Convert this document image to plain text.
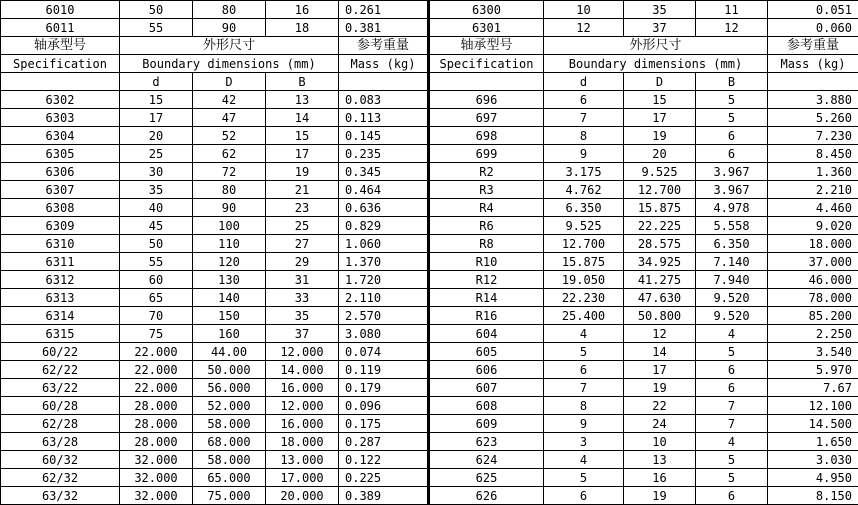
6010	50	80	16	0.261	6300	10	35	11	0.051
6011	55	90	18	0.381	6301	12	37	12	0.060
轴承型号	外形尺寸			参考重量	轴承型号	外形尺寸			参考重量
Specification	Boundary dimensions (mm)			Mass (kg)	Specification	Boundary dimensions (mm)			Mass (kg)
	d	D	B			d	D	B	
6302	15	42	13	0.083	696	6	15	5	3.880
6303	17	47	14	0.113	697	7	17	5	5.260
6304	20	52	15	0.145	698	8	19	6	7.230
6305	25	62	17	0.235	699	9	20	6	8.450
6306	30	72	19	0.345	R2	3.175	9.525	3.967	1.360
6307	35	80	21	0.464	R3	4.762	12.700	3.967	2.210
6308	40	90	23	0.636	R4	6.350	15.875	4.978	4.460
6309	45	100	25	0.829	R6	9.525	22.225	5.558	9.020
6310	50	110	27	1.060	R8	12.700	28.575	6.350	18.000
6311	55	120	29	1.370	R10	15.875	34.925	7.140	37.000
6312	60	130	31	1.720	R12	19.050	41.275	7.940	46.000
6313	65	140	33	2.110	R14	22.230	47.630	9.520	78.000
6314	70	150	35	2.570	R16	25.400	50.800	9.520	85.200
6315	75	160	37	3.080	604	4	12	4	2.250
60/22	22.000	44.00	12.000	0.074	605	5	14	5	3.540
62/22	22.000	50.000	14.000	0.119	606	6	17	6	5.970
63/22	22.000	56.000	16.000	0.179	607	7	19	6	7.67
60/28	28.000	52.000	12.000	0.096	608	8	22	7	12.100
62/28	28.000	58.000	16.000	0.175	609	9	24	7	14.500
63/28	28.000	68.000	18.000	0.287	623	3	10	4	1.650
60/32	32.000	58.000	13.000	0.122	624	4	13	5	3.030
62/32	32.000	65.000	17.000	0.225	625	5	16	5	4.950
63/32	32.000	75.000	20.000	0.389	626	6	19	6	8.150
